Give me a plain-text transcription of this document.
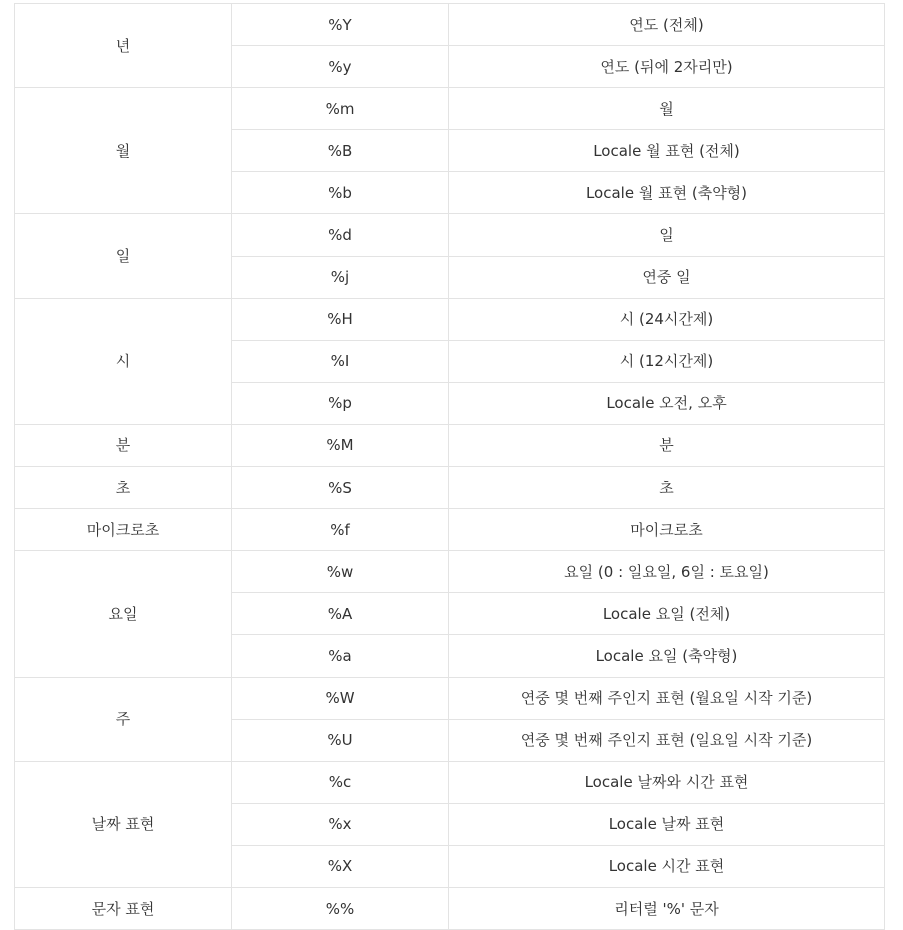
년	%Y	연도 (전체)
	%y	연도 (뒤에 2자리만)
월	%m	월
	%B	Locale 월 표현 (전체)
	%b	Locale 월 표현 (축약형)
일	%d	일
	%j	연중 일
시	%H	시 (24시간제)
	%I	시 (12시간제)
	%p	Locale 오전, 오후
분	%M	분
초	%S	초
마이크로초	%f	마이크로초
요일	%w	요일 (0 : 일요일, 6일 : 토요일)
	%A	Locale 요일 (전체)
	%a	Locale 요일 (축약형)
주	%W	연중 몇 번째 주인지 표현 (월요일 시작 기준)
	%U	연중 몇 번째 주인지 표현 (일요일 시작 기준)
날짜 표현	%c	Locale 날짜와 시간 표현
	%x	Locale 날짜 표현
	%X	Locale 시간 표현
문자 표현	%%	리터럴 '%' 문자
